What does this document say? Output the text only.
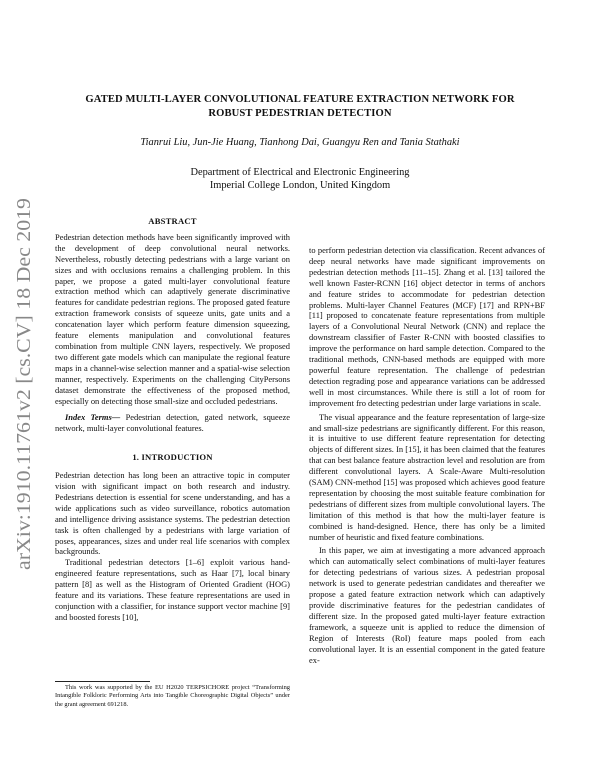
arXiv:1910.11761v2 [cs.CV] 18 Dec 2019
GATED MULTI-LAYER CONVOLUTIONAL FEATURE EXTRACTION NETWORK FOR
ROBUST PEDESTRIAN DETECTION
Tianrui Liu, Jun-Jie Huang, Tianhong Dai, Guangyu Ren and Tania Stathaki
Department of Electrical and Electronic Engineering
Imperial College London, United Kingdom
ABSTRACT

Pedestrian detection methods have been significantly improved with the development of deep convolutional neural networks. Nevertheless, robustly detecting pedestrians with a large variant on sizes and with occlusions remains a challenging problem. In this paper, we propose a gated multi-layer convolutional feature extraction method which can adaptively generate discriminative features for candidate pedestrian regions. The proposed gated feature extraction framework consists of squeeze units, gate units and a concatenation layer which perform feature dimension squeezing, feature elements manipulation and convolutional features combination from multiple CNN layers, respectively. We proposed two different gate models which can manipulate the regional feature maps in a channel-wise selection manner and a spatial-wise selection manner, respectively. Experiments on the challenging CityPersons dataset demonstrate the effectiveness of the proposed method, especially on detecting those small-size and occluded pedestrians.

Index Terms— Pedestrian detection, gated network, squeeze network, multi-layer convolutional features.

1. INTRODUCTION

Pedestrian detection has long been an attractive topic in computer vision with significant impact on both research and industry. Pedestrians detection is essential for scene understanding, and has a wide applications such as video surveillance, robotics automation and intelligence driving assistance systems. The pedestrian detection task is often challenged by a pedestrians with large variation of poses, appearances, sizes and under real life scenarios with complex backgrounds.

Traditional pedestrian detectors [1–6] exploit various hand-engineered feature representations, such as Haar [7], local binary pattern [8] as well as the Histogram of Oriented Gradient (HOG) feature and its variations. These feature representations are used in conjunction with a classifier, for instance support vector machine [9] and boosted forests [10],

This work was supported by the EU H2020 TERPSICHORE project “Transforming Intangible Folkloric Performing Arts into Tangible Choreographic Digital Objects” under the grant agreement 691218.

to perform pedestrian detection via classification. Recent advances of deep neural networks have made significant improvements on pedestrian detection methods [11–15]. Zhang et al. [13] tailored the well known Faster-RCNN [16] object detector in terms of anchors and feature strides to accommodate for pedestrian detection problems. Multi-layer Channel Features (MCF) [17] and RPN+BF [11] proposed to concatenate feature representations from multiple layers of a Convolutional Neural Network (CNN) and replace the downstream classifier of Faster R-CNN with boosted classifies to improve the performance on hard sample detection. Compared to the traditional methods, CNN-based methods are equipped with more powerful feature representation. The challenge of pedestrian detection regrading pose and appearance variations can be addressed well in most circumstances. While there is still a lot of room for improvement fro detecting pedestrian under large variations in scale.

The visual appearance and the feature representation of large-size and small-size pedestrians are significantly different. For this reason, it is intuitive to use different feature representation for detecting objects of different sizes. In [15], it has been claimed that the features that can best balance feature abstraction level and resolution are from different convolutional layers. A Scale-Aware Multi-resolution (SAM) CNN-method [15] was proposed which achieves good feature representation by choosing the most suitable feature combination for pedestrians of different sizes from multiple convolutional layers. The limitation of this method is that how the multi-layer feature is combined is hand-designed. Hence, there has only be a limited number of heuristic and fixed feature combinations.

In this paper, we aim at investigating a more advanced approach which can automatically select combinations of multi-layer features for detecting pedestrians of various sizes. A pedestrian proposal network is used to generate pedestrian candidates and thereafter we propose a gated feature extraction network which can adaptively provide discriminative features for the pedestrian candidates of different size. In the proposed gated multi-layer feature extraction framework, a squeeze unit is applied to reduce the dimension of Region of Interests (RoI) feature maps pooled from each convolutional layer. It is an essential component in the gated feature ex-
